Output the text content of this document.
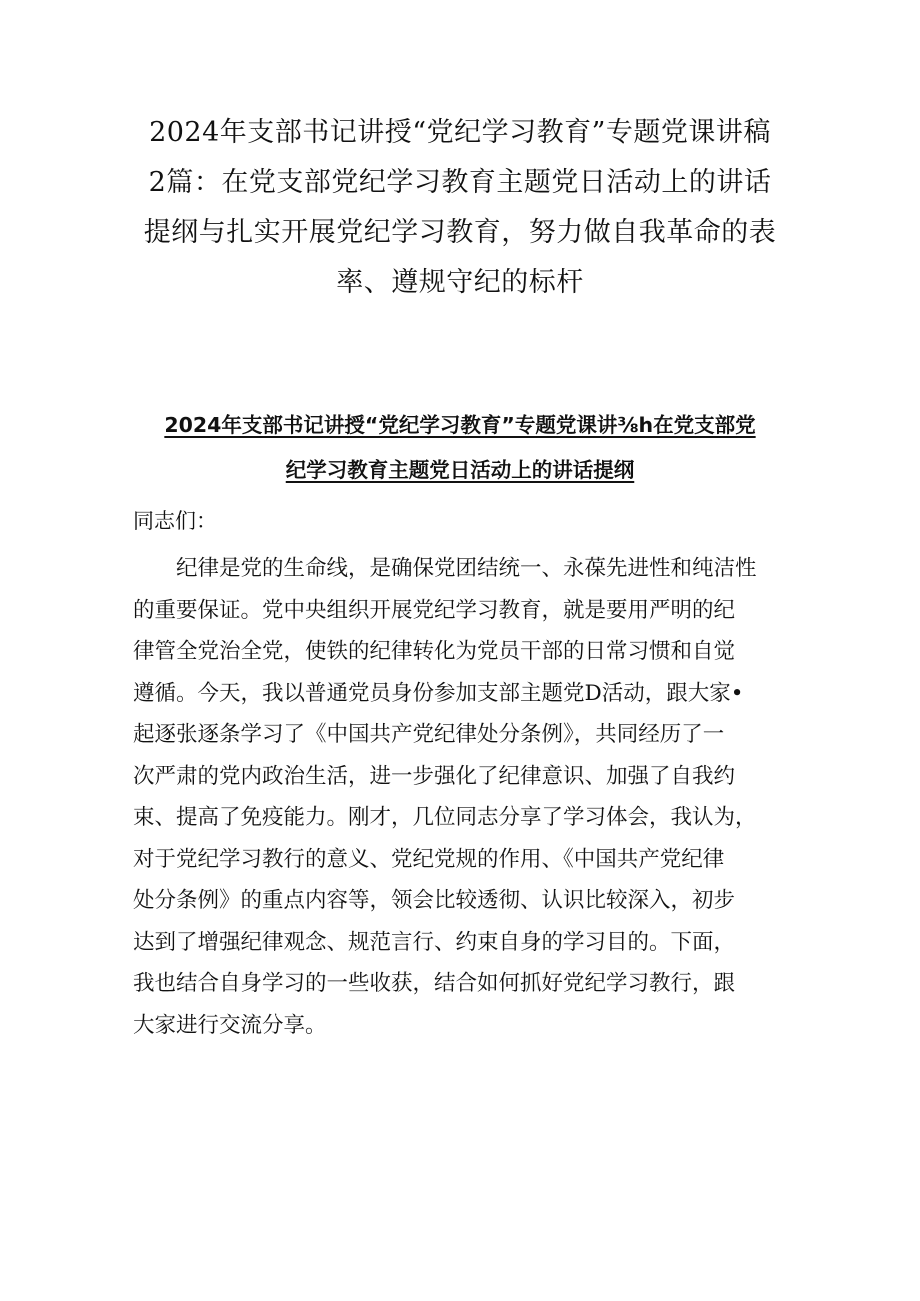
2024年支部书记讲授“党纪学习教育”专题党课讲稿
2篇：在党支部党纪学习教育主题党日活动上的讲话
提纲与扎实开展党纪学习教育，努力做自我革命的表
率、遵规守纪的标杆
2024年支部书记讲授“党纪学习教育”专题党课讲⅜h在党支部党
纪学习教育主题党日活动上的讲话提纲

同志们：

纪律是党的生命线，是确保党团结统一、永葆先进性和纯洁性
的重要保证。党中央组织开展党纪学习教育，就是要用严明的纪
律管全党治全党，使铁的纪律转化为党员干部的日常习惯和自觉
遵循。今天，我以普通党员身份参加支部主题党D活动，跟大家•
起逐张逐条学习了《中国共产党纪律处分条例》，共同经历了一
次严肃的党内政治生活，进一步强化了纪律意识、加强了自我约
束、提高了免疫能力。刚才，几位同志分享了学习体会，我认为，
对于党纪学习教行的意义、党纪党规的作用、《中国共产党纪律
处分条例》的重点内容等，领会比较透彻、认识比较深入，初步
达到了增强纪律观念、规范言行、约束自身的学习目的。下面，
我也结合自身学习的一些收获，结合如何抓好党纪学习教行，跟
大家进行交流分享。
